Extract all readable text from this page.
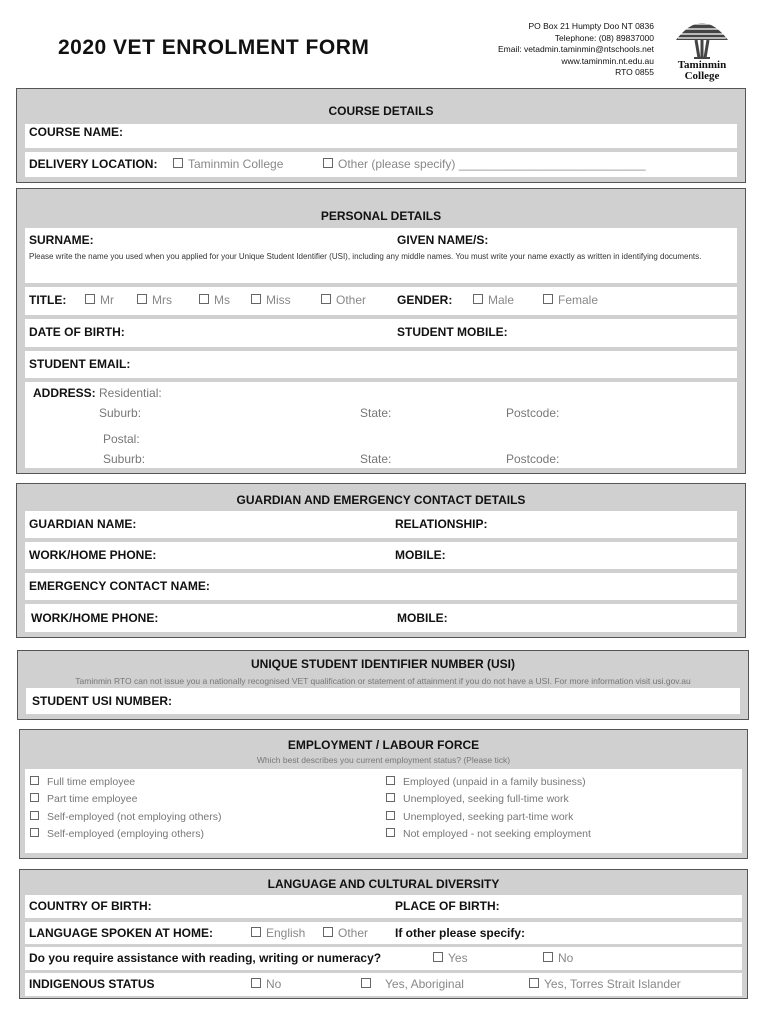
2020 VET ENROLMENT FORM
PO Box 21 Humpty Doo NT 0836
Telephone: (08) 89837000
Email: vetadmin.taminmin@ntschools.net
www.taminmin.nt.edu.au
RTO 0855
Taminmin
College
COURSE DETAILS
COURSE NAME:
DELIVERY LOCATION:	Taminmin College	Other (please specify) ____________________________
PERSONAL DETAILS
SURNAME:	GIVEN NAME/S:
Please write the name you used when you applied for your Unique Student Identifier (USI), including any middle names. You must write your name exactly as written in identifying documents.
TITLE:	Mr	Mrs	Ms	Miss	Other	GENDER:	Male	Female
DATE OF BIRTH:	STUDENT MOBILE:
STUDENT EMAIL:
ADDRESS: Residential:
Suburb:	State:	Postcode:
Postal:
Suburb:	State:	Postcode:
GUARDIAN AND EMERGENCY CONTACT DETAILS
GUARDIAN NAME:	RELATIONSHIP:
WORK/HOME PHONE:	MOBILE:
EMERGENCY CONTACT NAME:
WORK/HOME PHONE:	MOBILE:
UNIQUE STUDENT IDENTIFIER NUMBER (USI)
Taminmin RTO can not issue you a nationally recognised VET qualification or statement of attainment if you do not have a USI. For more information visit usi.gov.au
STUDENT USI NUMBER:
EMPLOYMENT / LABOUR FORCE
Which best describes you current employment status? (Please tick)
Full time employee
Part time employee
Self-employed (not employing others)
Self-employed (employing others)
Employed (unpaid in a family business)
Unemployed, seeking full-time work
Unemployed, seeking part-time work
Not employed - not seeking employment
LANGUAGE AND CULTURAL DIVERSITY
COUNTRY OF BIRTH:	PLACE OF BIRTH:
LANGUAGE SPOKEN AT HOME:	English	Other If other please specify:
Do you require assistance with reading, writing or numeracy?	Yes	No
INDIGENOUS STATUS	No	Yes, Aboriginal	Yes, Torres Strait Islander
